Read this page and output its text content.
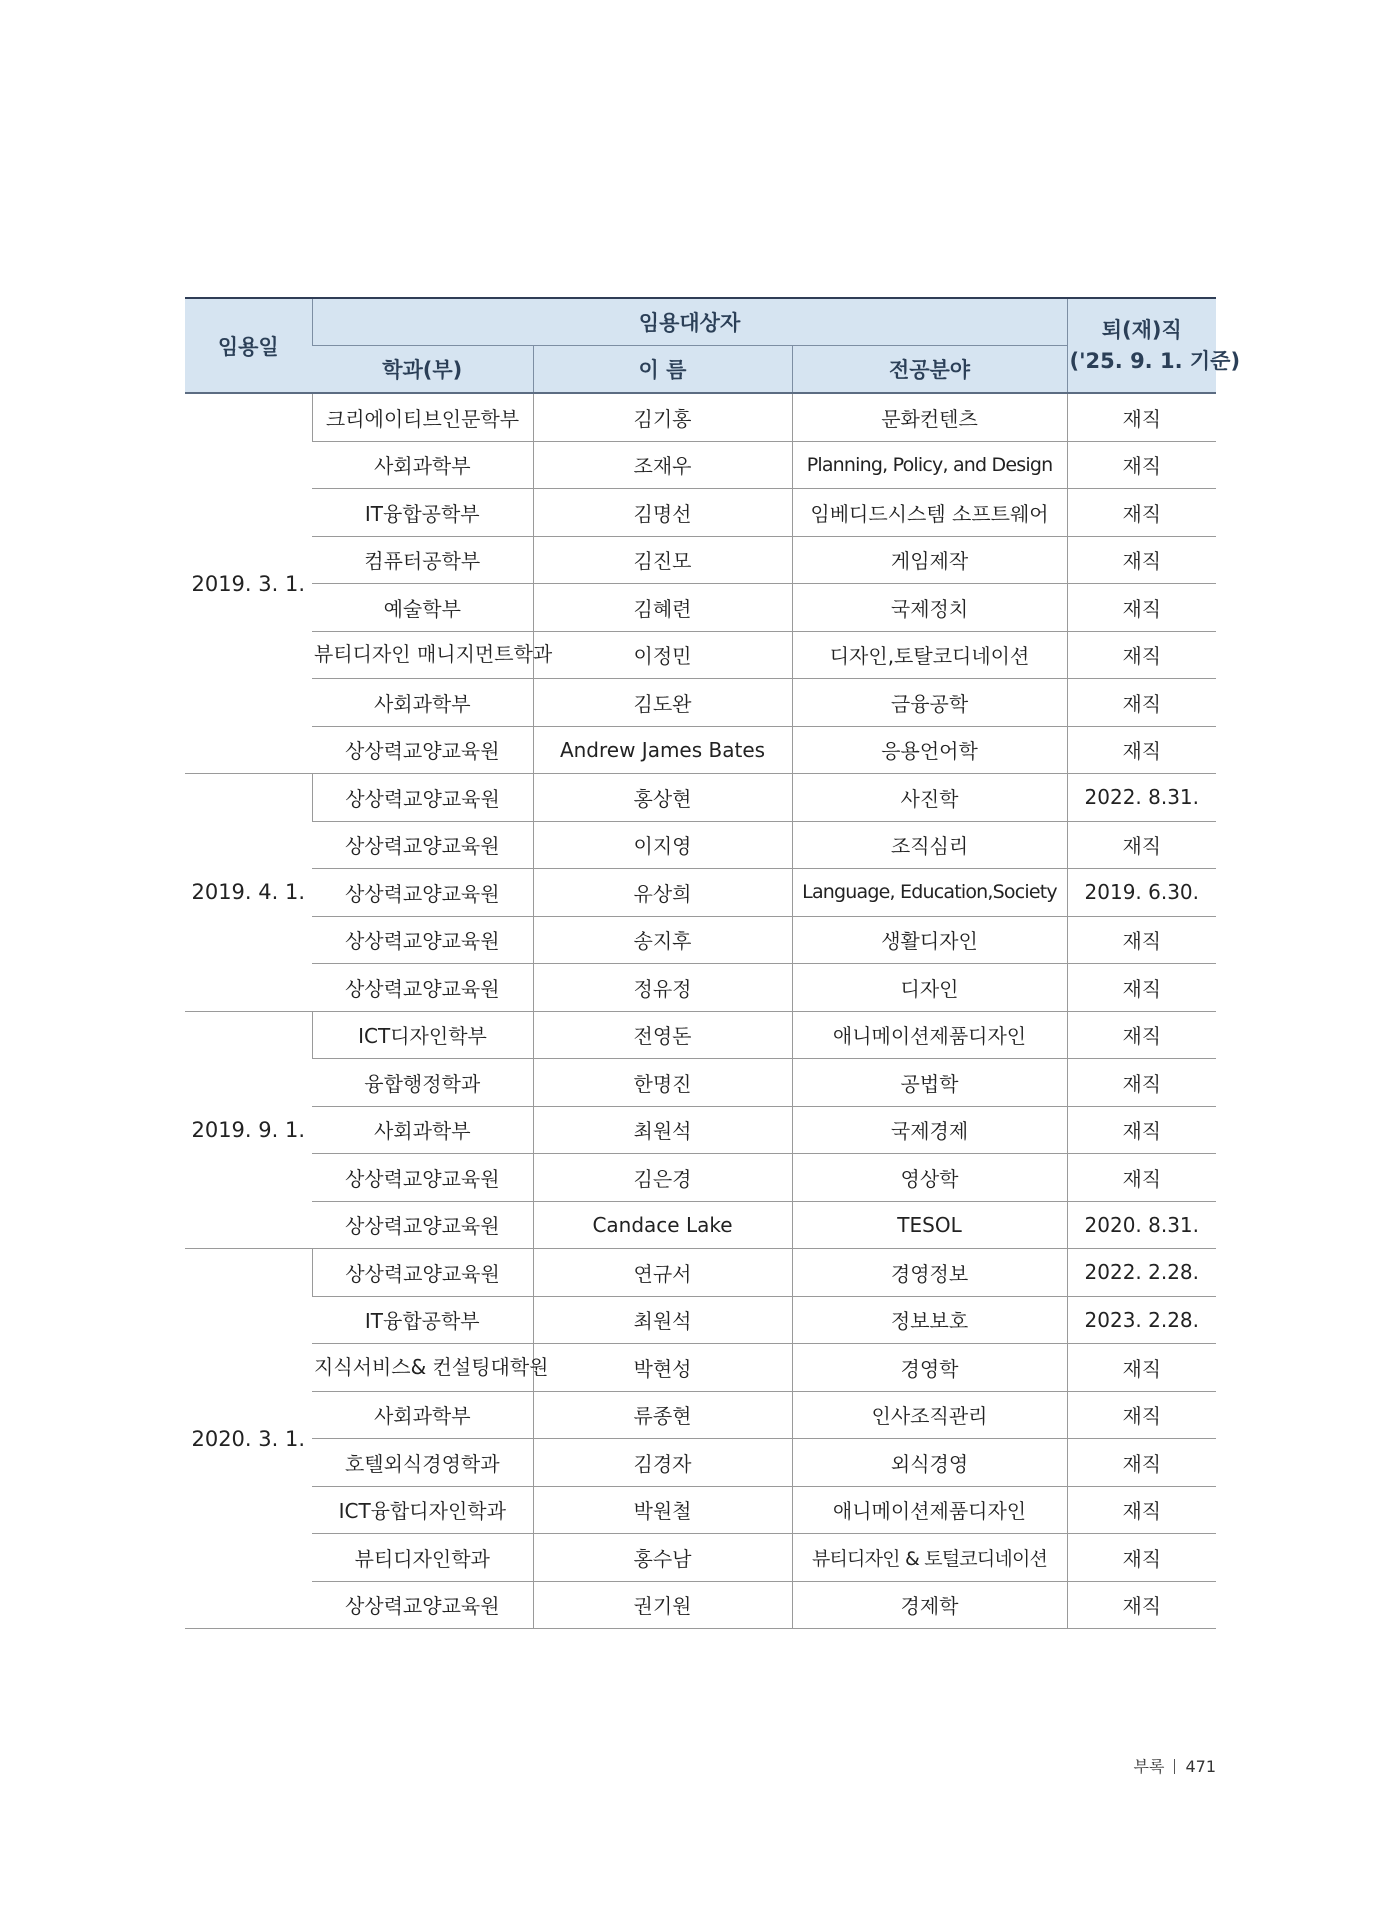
임용일	임용대상자			퇴(재)직
('25. 9. 1. 기준)

	학과(부)	이 름	전공분야	
2019. 3. 1.	크리에이티브인문학부	김기홍	문화컨텐츠	재직
	사회과학부	조재우	Planning, Policy, and Design	재직
	IT융합공학부	김명선	임베디드시스템 소프트웨어	재직
	컴퓨터공학부	김진모	게임제작	재직
	예술학부	김혜련	국제정치	재직
	뷰티디자인 매니지먼트학과	이정민	디자인,토탈코디네이션	재직
	사회과학부	김도완	금융공학	재직
	상상력교양교육원	Andrew James Bates	응용언어학	재직
2019. 4. 1.	상상력교양교육원	홍상현	사진학	2022. 8.31.
	상상력교양교육원	이지영	조직심리	재직
	상상력교양교육원	유상희	Language, Education,Society	2019. 6.30.
	상상력교양교육원	송지후	생활디자인	재직
	상상력교양교육원	정유정	디자인	재직
2019. 9. 1.	ICT디자인학부	전영돈	애니메이션제품디자인	재직
	융합행정학과	한명진	공법학	재직
	사회과학부	최원석	국제경제	재직
	상상력교양교육원	김은경	영상학	재직
	상상력교양교육원	Candace Lake	TESOL	2020. 8.31.
2020. 3. 1.	상상력교양교육원	연규서	경영정보	2022. 2.28.
	IT융합공학부	최원석	정보보호	2023. 2.28.
	지식서비스& 컨설팅대학원	박현성	경영학	재직
	사회과학부	류종현	인사조직관리	재직
	호텔외식경영학과	김경자	외식경영	재직
	ICT융합디자인학과	박원철	애니메이션제품디자인	재직
	뷰티디자인학과	홍수남	뷰티디자인 & 토털코디네이션	재직
	상상력교양교육원	권기원	경제학	재직
부록 471
